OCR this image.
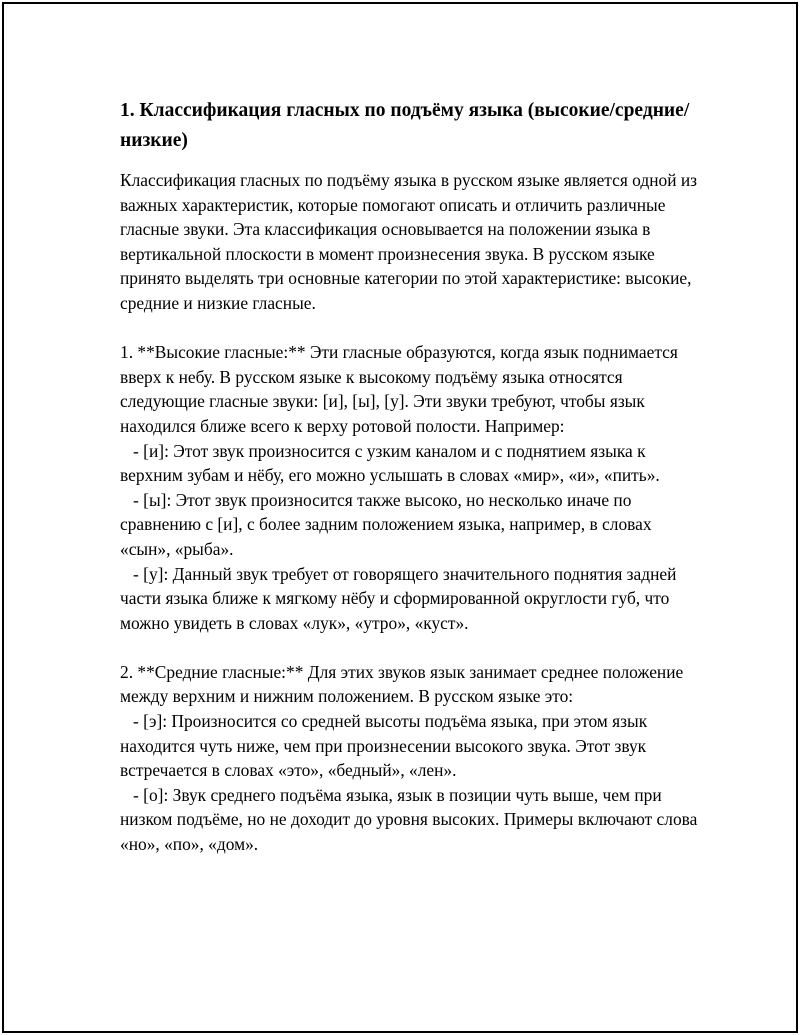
1. Классификация гласных по подъёму языка (высокие/средние/низкие)

Классификация гласных по подъёму языка в русском языке является одной из важных характеристик, которые помогают описать и отличить различные гласные звуки. Эта классификация основывается на положении языка в вертикальной плоскости в момент произнесения звука. В русском языке принято выделять три основные категории по этой характеристике: высокие, средние и низкие гласные.

1. **Высокие гласные:** Эти гласные образуются, когда язык поднимается вверх к небу. В русском языке к высокому подъёму языка относятся следующие гласные звуки: [и], [ы], [у]. Эти звуки требуют, чтобы язык находился ближе всего к верху ротовой полости. Например:

- [и]: Этот звук произносится с узким каналом и с поднятием языка к верхним зубам и нёбу, его можно услышать в словах «мир», «и», «пить».

- [ы]: Этот звук произносится также высоко, но несколько иначе по сравнению с [и], с более задним положением языка, например, в словах «сын», «рыба».

- [у]: Данный звук требует от говорящего значительного поднятия задней части языка ближе к мягкому нёбу и сформированной округлости губ, что можно увидеть в словах «лук», «утро», «куст».

2. **Средние гласные:** Для этих звуков язык занимает среднее положение между верхним и нижним положением. В русском языке это:

- [э]: Произносится со средней высоты подъёма языка, при этом язык находится чуть ниже, чем при произнесении высокого звука. Этот звук встречается в словах «это», «бедный», «лен».

- [о]: Звук среднего подъёма языка, язык в позиции чуть выше, чем при низком подъёме, но не доходит до уровня высоких. Примеры включают слова «но», «по», «дом».
